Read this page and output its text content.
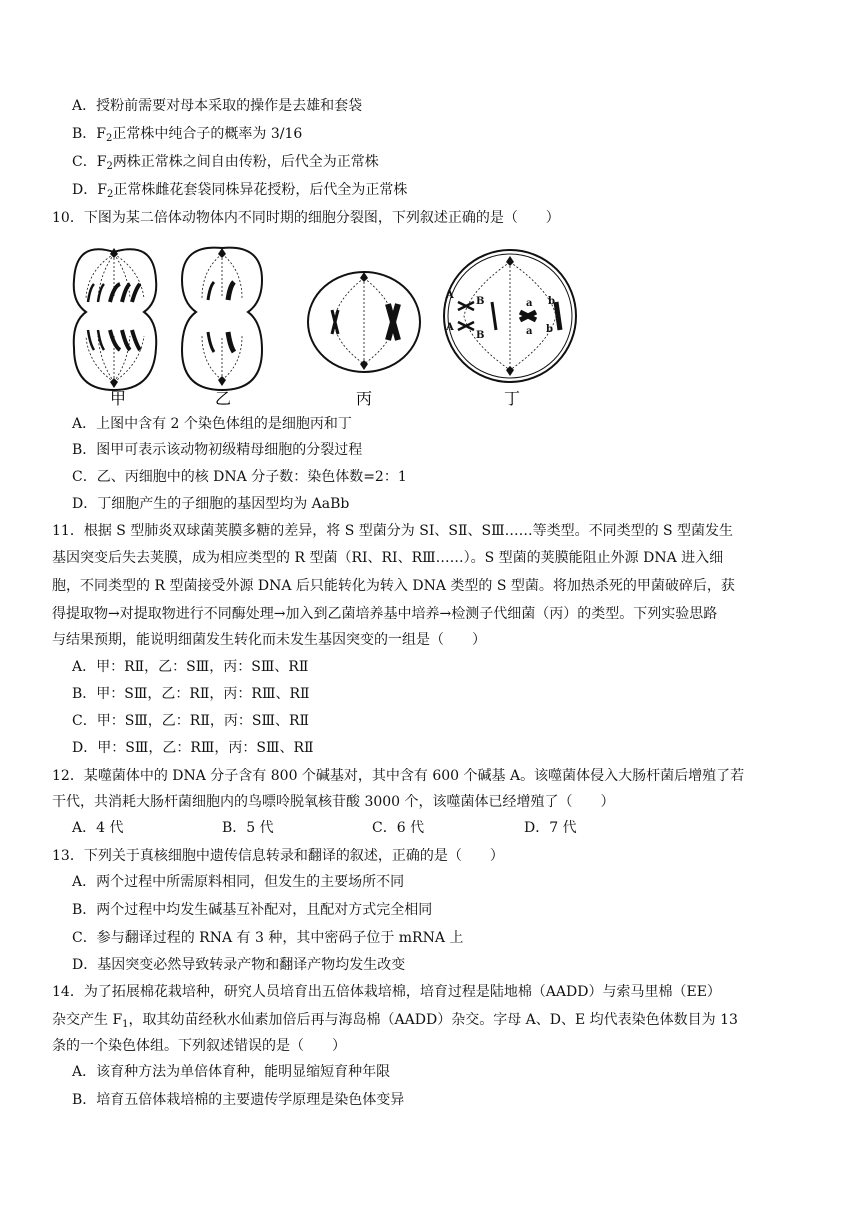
A．授粉前需要对母本采取的操作是去雄和套袋
B．$F_2$正常株中纯合子的概率为 3/16
C．$F_2$两株正常株之间自由传粉，后代全为正常株
D．$F_2$正常株雌花套袋同株异花授粉，后代全为正常株
10．下图为某二倍体动物体内不同时期的细胞分裂图，下列叙述正确的是（　　）
A
B
A
B
a b
a b
甲	乙	丙	丁
A．上图中含有 2 个染色体组的是细胞丙和丁
B．图甲可表示该动物初级精母细胞的分裂过程
C．乙、丙细胞中的核 DNA 分子数：染色体数=2：1
D．丁细胞产生的子细胞的基因型均为 AaBb
11．根据 S 型肺炎双球菌荚膜多糖的差异，将 S 型菌分为 SⅠ、SⅡ、SⅢ……等类型。不同类型的 S 型菌发生
基因突变后失去荚膜，成为相应类型的 R 型菌（RⅠ、RⅠ、RⅢ……）。S 型菌的荚膜能阻止外源 DNA 进入细
胞，不同类型的 R 型菌接受外源 DNA 后只能转化为转入 DNA 类型的 S 型菌。将加热杀死的甲菌破碎后，获
得提取物→对提取物进行不同酶处理→加入到乙菌培养基中培养→检测子代细菌（丙）的类型。下列实验思路
与结果预期，能说明细菌发生转化而未发生基因突变的一组是（　　）
A．甲：RⅡ，乙：SⅢ，丙：SⅢ、RⅡ
B．甲：SⅢ，乙：RⅡ，丙：RⅢ、RⅡ
C．甲：SⅢ，乙：RⅡ，丙：SⅢ、RⅡ
D．甲：SⅢ，乙：RⅢ，丙：SⅢ、RⅡ
12．某噬菌体中的 DNA 分子含有 800 个碱基对，其中含有 600 个碱基 A。该噬菌体侵入大肠杆菌后增殖了若
干代，共消耗大肠杆菌细胞内的鸟嘌呤脱氧核苷酸 3000 个，该噬菌体已经增殖了（　　）
A．4 代	B．5 代	C．6 代	D．7 代
13．下列关于真核细胞中遗传信息转录和翻译的叙述，正确的是（　　）
A．两个过程中所需原料相同，但发生的主要场所不同
B．两个过程中均发生碱基互补配对，且配对方式完全相同
C．参与翻译过程的 RNA 有 3 种，其中密码子位于 mRNA 上
D．基因突变必然导致转录产物和翻译产物均发生改变
14．为了拓展棉花栽培种，研究人员培育出五倍体栽培棉，培育过程是陆地棉（AADD）与索马里棉（EE）
杂交产生 $F_1$，取其幼苗经秋水仙素加倍后再与海岛棉（AADD）杂交。字母 A、D、E 均代表染色体数目为 13
条的一个染色体组。下列叙述错误的是（　　）
A．该育种方法为单倍体育种，能明显缩短育种年限
B．培育五倍体栽培棉的主要遗传学原理是染色体变异
